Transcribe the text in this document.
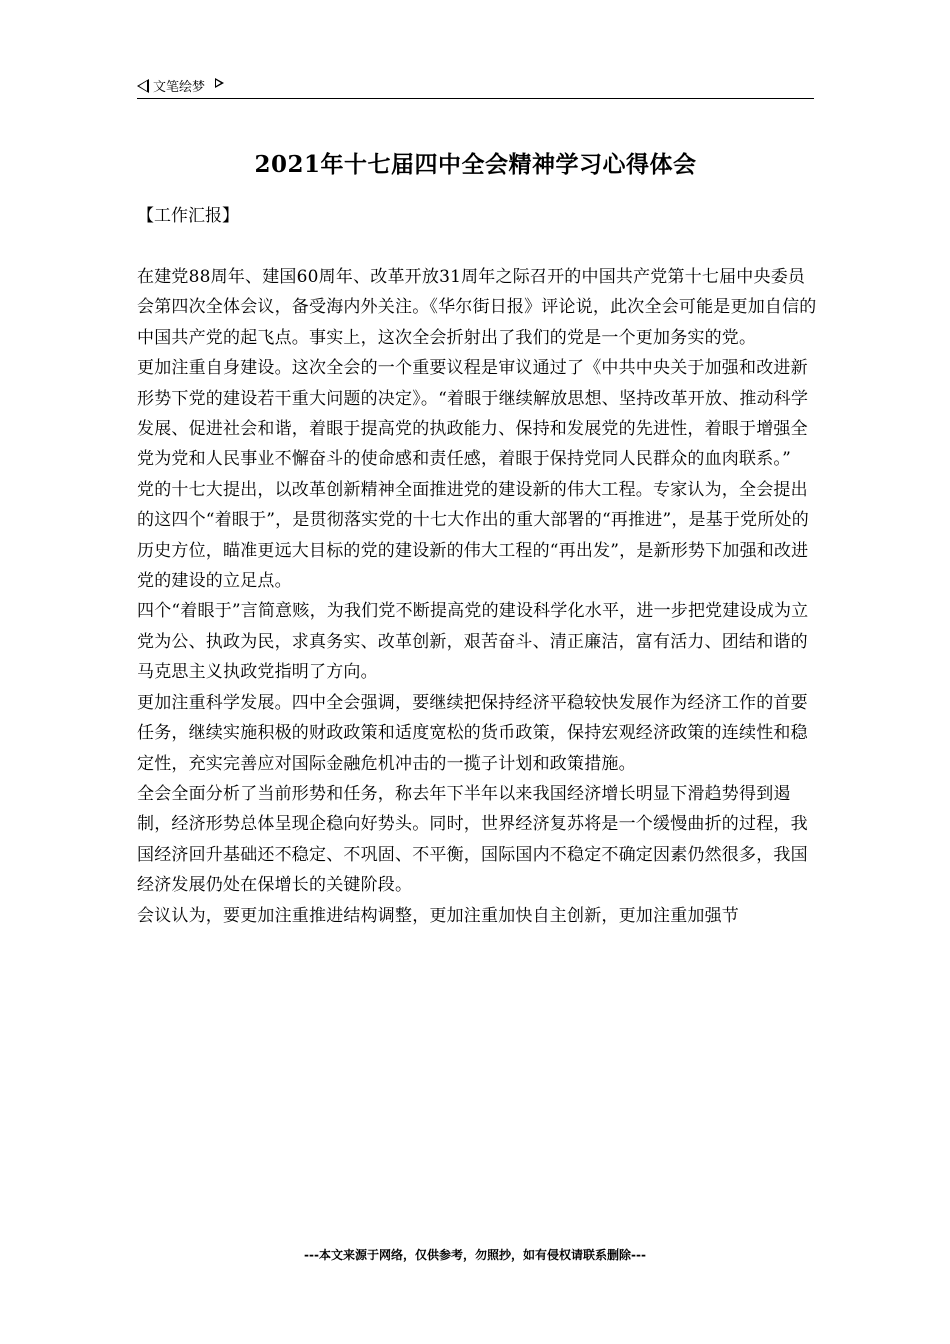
文笔绘梦
2021年十七届四中全会精神学习心得体会
【工作汇报】

在建党88周年、建国60周年、改革开放31周年之际召开的中国共产党第十七届中央委员会第四次全体会议，备受海内外关注。《华尔街日报》评论说，此次全会可能是更加自信的中国共产党的起飞点。事实上，这次全会折射出了我们的党是一个更加务实的党。

更加注重自身建设。这次全会的一个重要议程是审议通过了《中共中央关于加强和改进新形势下党的建设若干重大问题的决定》。“着眼于继续解放思想、坚持改革开放、推动科学发展、促进社会和谐，着眼于提高党的执政能力、保持和发展党的先进性，着眼于增强全党为党和人民事业不懈奋斗的使命感和责任感，着眼于保持党同人民群众的血肉联系。”

党的十七大提出，以改革创新精神全面推进党的建设新的伟大工程。专家认为，全会提出的这四个“着眼于”，是贯彻落实党的十七大作出的重大部署的“再推进”，是基于党所处的历史方位，瞄准更远大目标的党的建设新的伟大工程的“再出发”，是新形势下加强和改进党的建设的立足点。

四个“着眼于”言简意赅，为我们党不断提高党的建设科学化水平，进一步把党建设成为立党为公、执政为民，求真务实、改革创新，艰苦奋斗、清正廉洁，富有活力、团结和谐的马克思主义执政党指明了方向。

更加注重科学发展。四中全会强调，要继续把保持经济平稳较快发展作为经济工作的首要任务，继续实施积极的财政政策和适度宽松的货币政策，保持宏观经济政策的连续性和稳定性，充实完善应对国际金融危机冲击的一揽子计划和政策措施。

全会全面分析了当前形势和任务，称去年下半年以来我国经济增长明显下滑趋势得到遏制，经济形势总体呈现企稳向好势头。同时，世界经济复苏将是一个缓慢曲折的过程，我国经济回升基础还不稳定、不巩固、不平衡，国际国内不稳定不确定因素仍然很多，我国经济发展仍处在保增长的关键阶段。

会议认为，要更加注重推进结构调整，更加注重加快自主创新，更加注重加强节

---本文来源于网络，仅供参考，勿照抄，如有侵权请联系删除---
